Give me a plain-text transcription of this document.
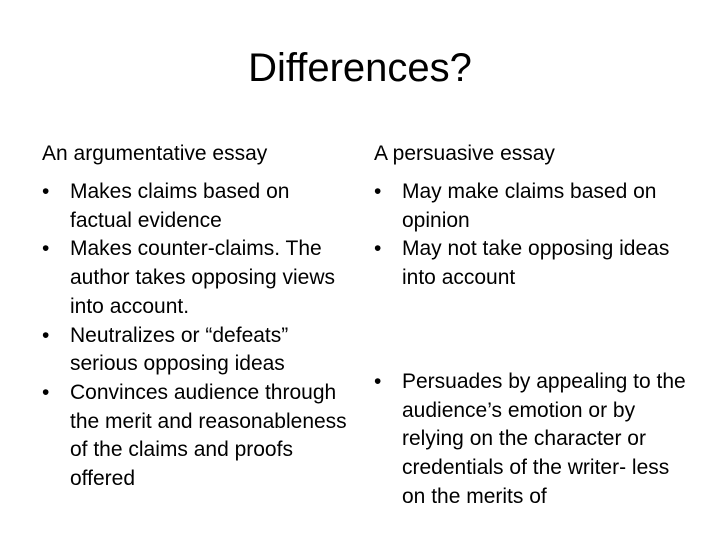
Differences?
An argumentative essay
• Makes claims based on factual evidence
• Makes counter-claims. The author takes opposing views into account.
• Neutralizes or “defeats” serious opposing ideas
• Convinces audience through the merit and reasonableness of the claims and proofs offered
A persuasive essay
• May make claims based on opinion
• May not take opposing ideas into account
• Persuades by appealing to the audience’s emotion or by relying on the character or credentials of the writer- less on the merits of
